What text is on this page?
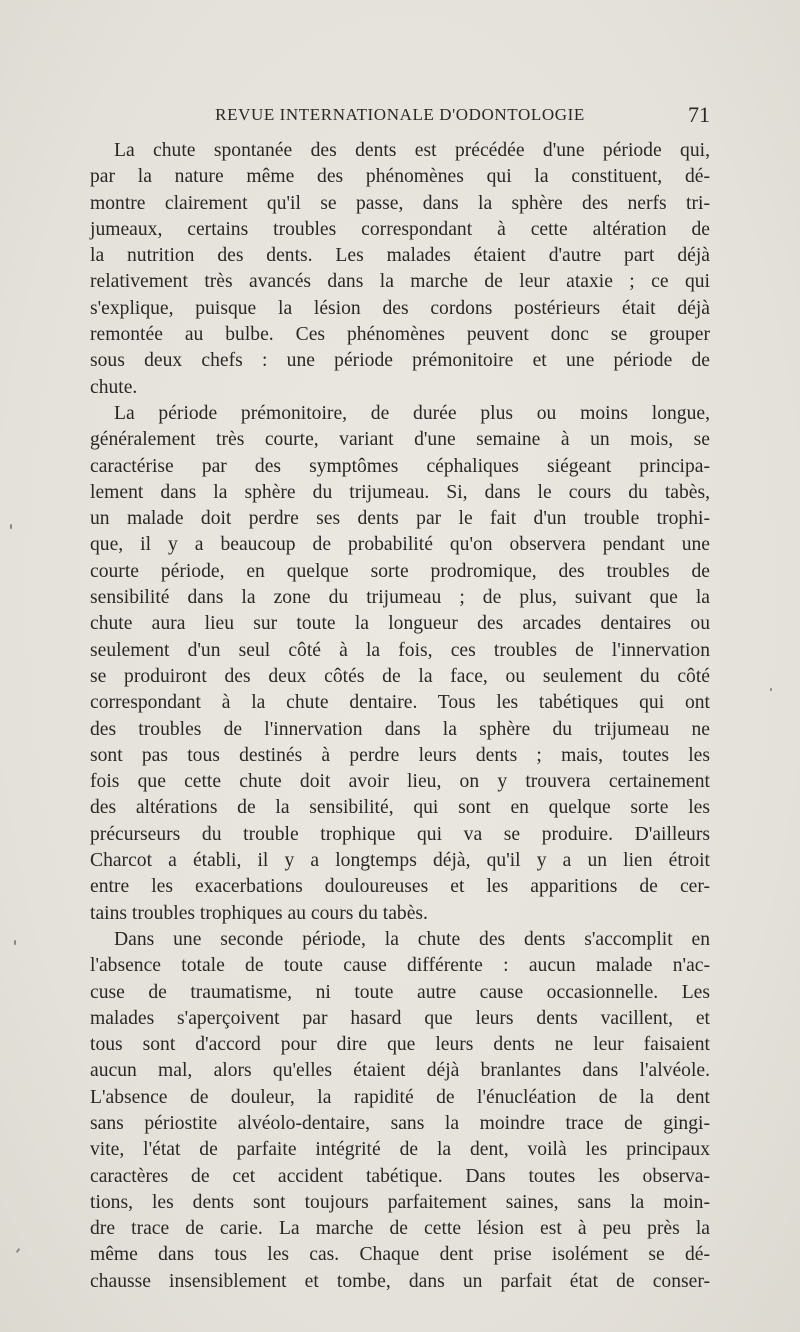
REVUE INTERNATIONALE D'ODONTOLOGIE	71
La chute spontanée des dents est précédée d'une période qui,
par la nature même des phénomènes qui la constituent, dé-
montre clairement qu'il se passe, dans la sphère des nerfs tri-
jumeaux, certains troubles correspondant à cette altération de
la nutrition des dents. Les malades étaient d'autre part déjà
relativement très avancés dans la marche de leur ataxie ; ce qui
s'explique, puisque la lésion des cordons postérieurs était déjà
remontée au bulbe. Ces phénomènes peuvent donc se grouper
sous deux chefs : une période prémonitoire et une période de
chute.
La période prémonitoire, de durée plus ou moins longue,
généralement très courte, variant d'une semaine à un mois, se
caractérise par des symptômes céphaliques siégeant principa-
lement dans la sphère du trijumeau. Si, dans le cours du tabès,
un malade doit perdre ses dents par le fait d'un trouble trophi-
que, il y a beaucoup de probabilité qu'on observera pendant une
courte période, en quelque sorte prodromique, des troubles de
sensibilité dans la zone du trijumeau ; de plus, suivant que la
chute aura lieu sur toute la longueur des arcades dentaires ou
seulement d'un seul côté à la fois, ces troubles de l'innervation
se produiront des deux côtés de la face, ou seulement du côté
correspondant à la chute dentaire. Tous les tabétiques qui ont
des troubles de l'innervation dans la sphère du trijumeau ne
sont pas tous destinés à perdre leurs dents ; mais, toutes les
fois que cette chute doit avoir lieu, on y trouvera certainement
des altérations de la sensibilité, qui sont en quelque sorte les
précurseurs du trouble trophique qui va se produire. D'ailleurs
Charcot a établi, il y a longtemps déjà, qu'il y a un lien étroit
entre les exacerbations douloureuses et les apparitions de cer-
tains troubles trophiques au cours du tabès.
Dans une seconde période, la chute des dents s'accomplit en
l'absence totale de toute cause différente : aucun malade n'ac-
cuse de traumatisme, ni toute autre cause occasionnelle. Les
malades s'aperçoivent par hasard que leurs dents vacillent, et
tous sont d'accord pour dire que leurs dents ne leur faisaient
aucun mal, alors qu'elles étaient déjà branlantes dans l'alvéole.
L'absence de douleur, la rapidité de l'énucléation de la dent
sans périostite alvéolo-dentaire, sans la moindre trace de gingi-
vite, l'état de parfaite intégrité de la dent, voilà les principaux
caractères de cet accident tabétique. Dans toutes les observa-
tions, les dents sont toujours parfaitement saines, sans la moin-
dre trace de carie. La marche de cette lésion est à peu près la
même dans tous les cas. Chaque dent prise isolément se dé-
chausse insensiblement et tombe, dans un parfait état de conser-
